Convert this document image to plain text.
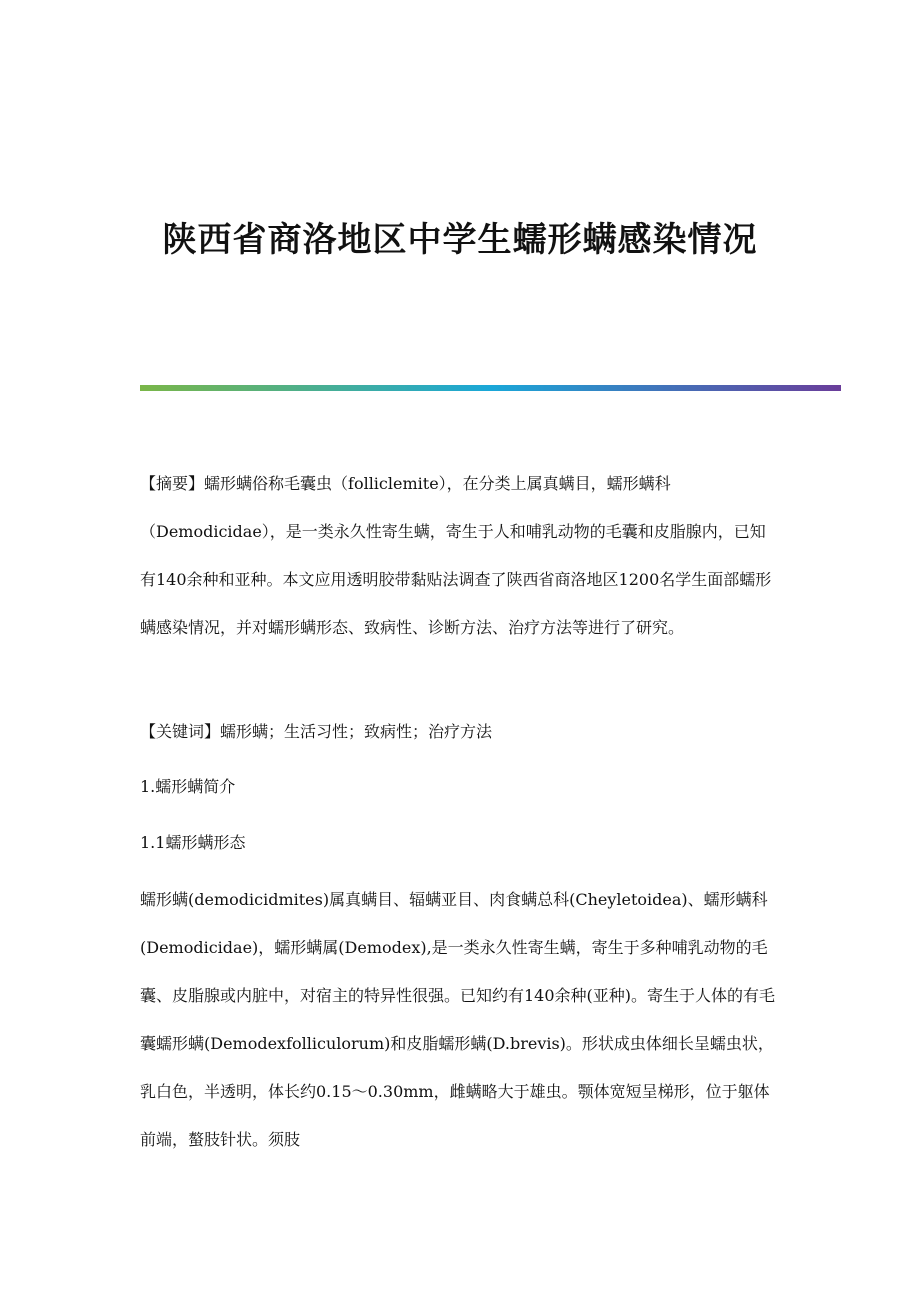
陕西省商洛地区中学生蠕形螨感染情况

【摘要】蠕形螨俗称毛囊虫（folliclemite），在分类上属真螨目，蠕形螨科（Demodicidae），是一类永久性寄生螨，寄生于人和哺乳动物的毛囊和皮脂腺内，已知有140余种和亚种。本文应用透明胶带黏贴法调查了陕西省商洛地区1200名学生面部蠕形螨感染情况，并对蠕形螨形态、致病性、诊断方法、治疗方法等进行了研究。

【关键词】蠕形螨；生活习性；致病性；治疗方法

1.蠕形螨简介

1.1蠕形螨形态

蠕形螨(demodicidmites)属真螨目、辐螨亚目、肉食螨总科(Cheyletoidea)、蠕形螨科(Demodicidae)，蠕形螨属(Demodex),是一类永久性寄生螨，寄生于多种哺乳动物的毛囊、皮脂腺或内脏中，对宿主的特异性很强。已知约有140余种(亚种)。寄生于人体的有毛囊蠕形螨(Demodexfolliculorum)和皮脂蠕形螨(D.brevis)。形状成虫体细长呈蠕虫状，乳白色，半透明，体长约0.15～0.30mm，雌螨略大于雄虫。颚体宽短呈梯形，位于躯体前端，螯肢针状。须肢
